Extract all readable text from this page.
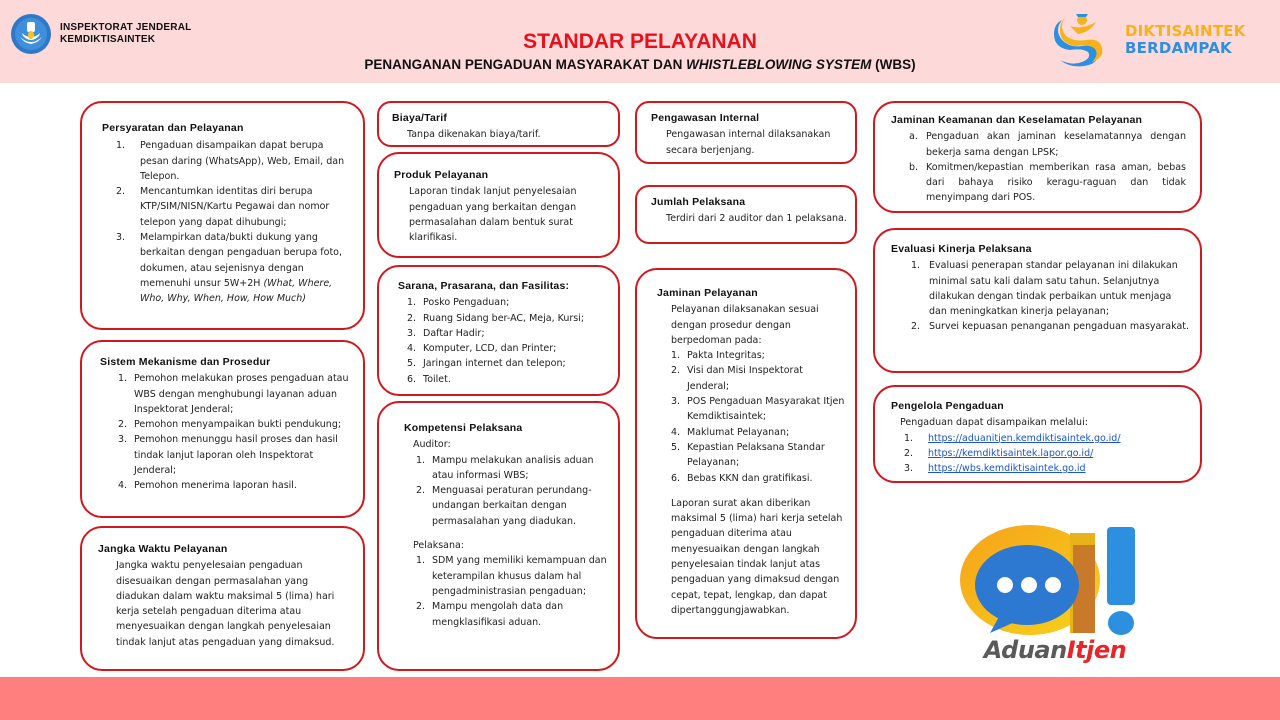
INSPEKTORAT JENDERAL
KEMDIKTISAINTEK	STANDAR PELAYANAN
PENANGANAN PENGADUAN MASYARAKAT DAN WHISTLEBLOWING SYSTEM (WBS)
DIKTISAINTEK
BERDAMPAK
Persyaratan dan Pelayanan
1. Pengaduan disampaikan dapat berupa pesan daring (WhatsApp), Web, Email, dan Telepon.
2. Mencantumkan identitas diri berupa KTP/SIM/NISN/Kartu Pegawai dan nomor telepon yang dapat dihubungi;
3. Melampirkan data/bukti dukung yang berkaitan dengan pengaduan berupa foto, dokumen, atau sejenisnya dengan memenuhi unsur 5W+2H (What, Where, Who, Why, When, How, How Much)
Sistem Mekanisme dan Prosedur
1. Pemohon melakukan proses pengaduan atau WBS dengan menghubungi layanan aduan Inspektorat Jenderal;
2. Pemohon menyampaikan bukti pendukung;
3. Pemohon menunggu hasil proses dan hasil tindak lanjut laporan oleh Inspektorat Jenderal;
4. Pemohon menerima laporan hasil.
Jangka Waktu Pelayanan

Jangka waktu penyelesaian pengaduan disesuaikan dengan permasalahan yang diadukan dalam waktu maksimal 5 (lima) hari kerja setelah pengaduan diterima atau menyesuaikan dengan langkah penyelesaian tindak lanjut atas pengaduan yang dimaksud.

Biaya/Tarif

Tanpa dikenakan biaya/tarif.

Produk Pelayanan

Laporan tindak lanjut penyelesaian pengaduan yang berkaitan dengan permasalahan dalam bentuk surat klarifikasi.

Sarana, Prasarana, dan Fasilitas:
1. Posko Pengaduan;
2. Ruang Sidang ber-AC, Meja, Kursi;
3. Daftar Hadir;
4. Komputer, LCD, dan Printer;
5. Jaringan internet dan telepon;
6. Toilet.
Kompetensi Pelaksana
Auditor:
1. Mampu melakukan analisis aduan atau informasi WBS;
2. Menguasai peraturan perundang-undangan berkaitan dengan permasalahan yang diadukan.
Pelaksana:
1. SDM yang memiliki kemampuan dan keterampilan khusus dalam hal pengadministrasian pengaduan;
2. Mampu mengolah data dan mengklasifikasi aduan.
Pengawasan Internal

Pengawasan internal dilaksanakan secara berjenjang.

Jumlah Pelaksana

Terdiri dari 2 auditor dan 1 pelaksana.

Jaminan Pelayanan

Pelayanan dilaksanakan sesuai dengan prosedur dengan berpedoman pada:

1. Pakta Integritas;
2. Visi dan Misi Inspektorat Jenderal;
3. POS Pengaduan Masyarakat Itjen Kemdiktisaintek;
4. Maklumat Pelayanan;
5. Kepastian Pelaksana Standar Pelayanan;
6. Bebas KKN dan gratifikasi.

Laporan surat akan diberikan maksimal 5 (lima) hari kerja setelah pengaduan diterima atau menyesuaikan dengan langkah penyelesaian tindak lanjut atas pengaduan yang dimaksud dengan cepat, tepat, lengkap, dan dapat dipertanggungjawabkan.

Jaminan Keamanan dan Keselamatan Pelayanan
a. Pengaduan akan jaminan keselamatannya dengan bekerja sama dengan LPSK;
b. Komitmen/kepastian memberikan rasa aman, bebas dari bahaya risiko keragu-raguan dan tidak menyimpang dari POS.
Evaluasi Kinerja Pelaksana
1. Evaluasi penerapan standar pelayanan ini dilakukan minimal satu kali dalam satu tahun. Selanjutnya dilakukan dengan tindak perbaikan untuk menjaga dan meningkatkan kinerja pelayanan;
2. Survei kepuasan penanganan pengaduan masyarakat.
Pengelola Pengaduan

Pengaduan dapat disampaikan melalui:

1. https://aduanitjen.kemdiktisaintek.go.id/
2. https://kemdiktisaintek.lapor.go.id/
3. https://wbs.kemdiktisaintek.go.id
AduanItjen
